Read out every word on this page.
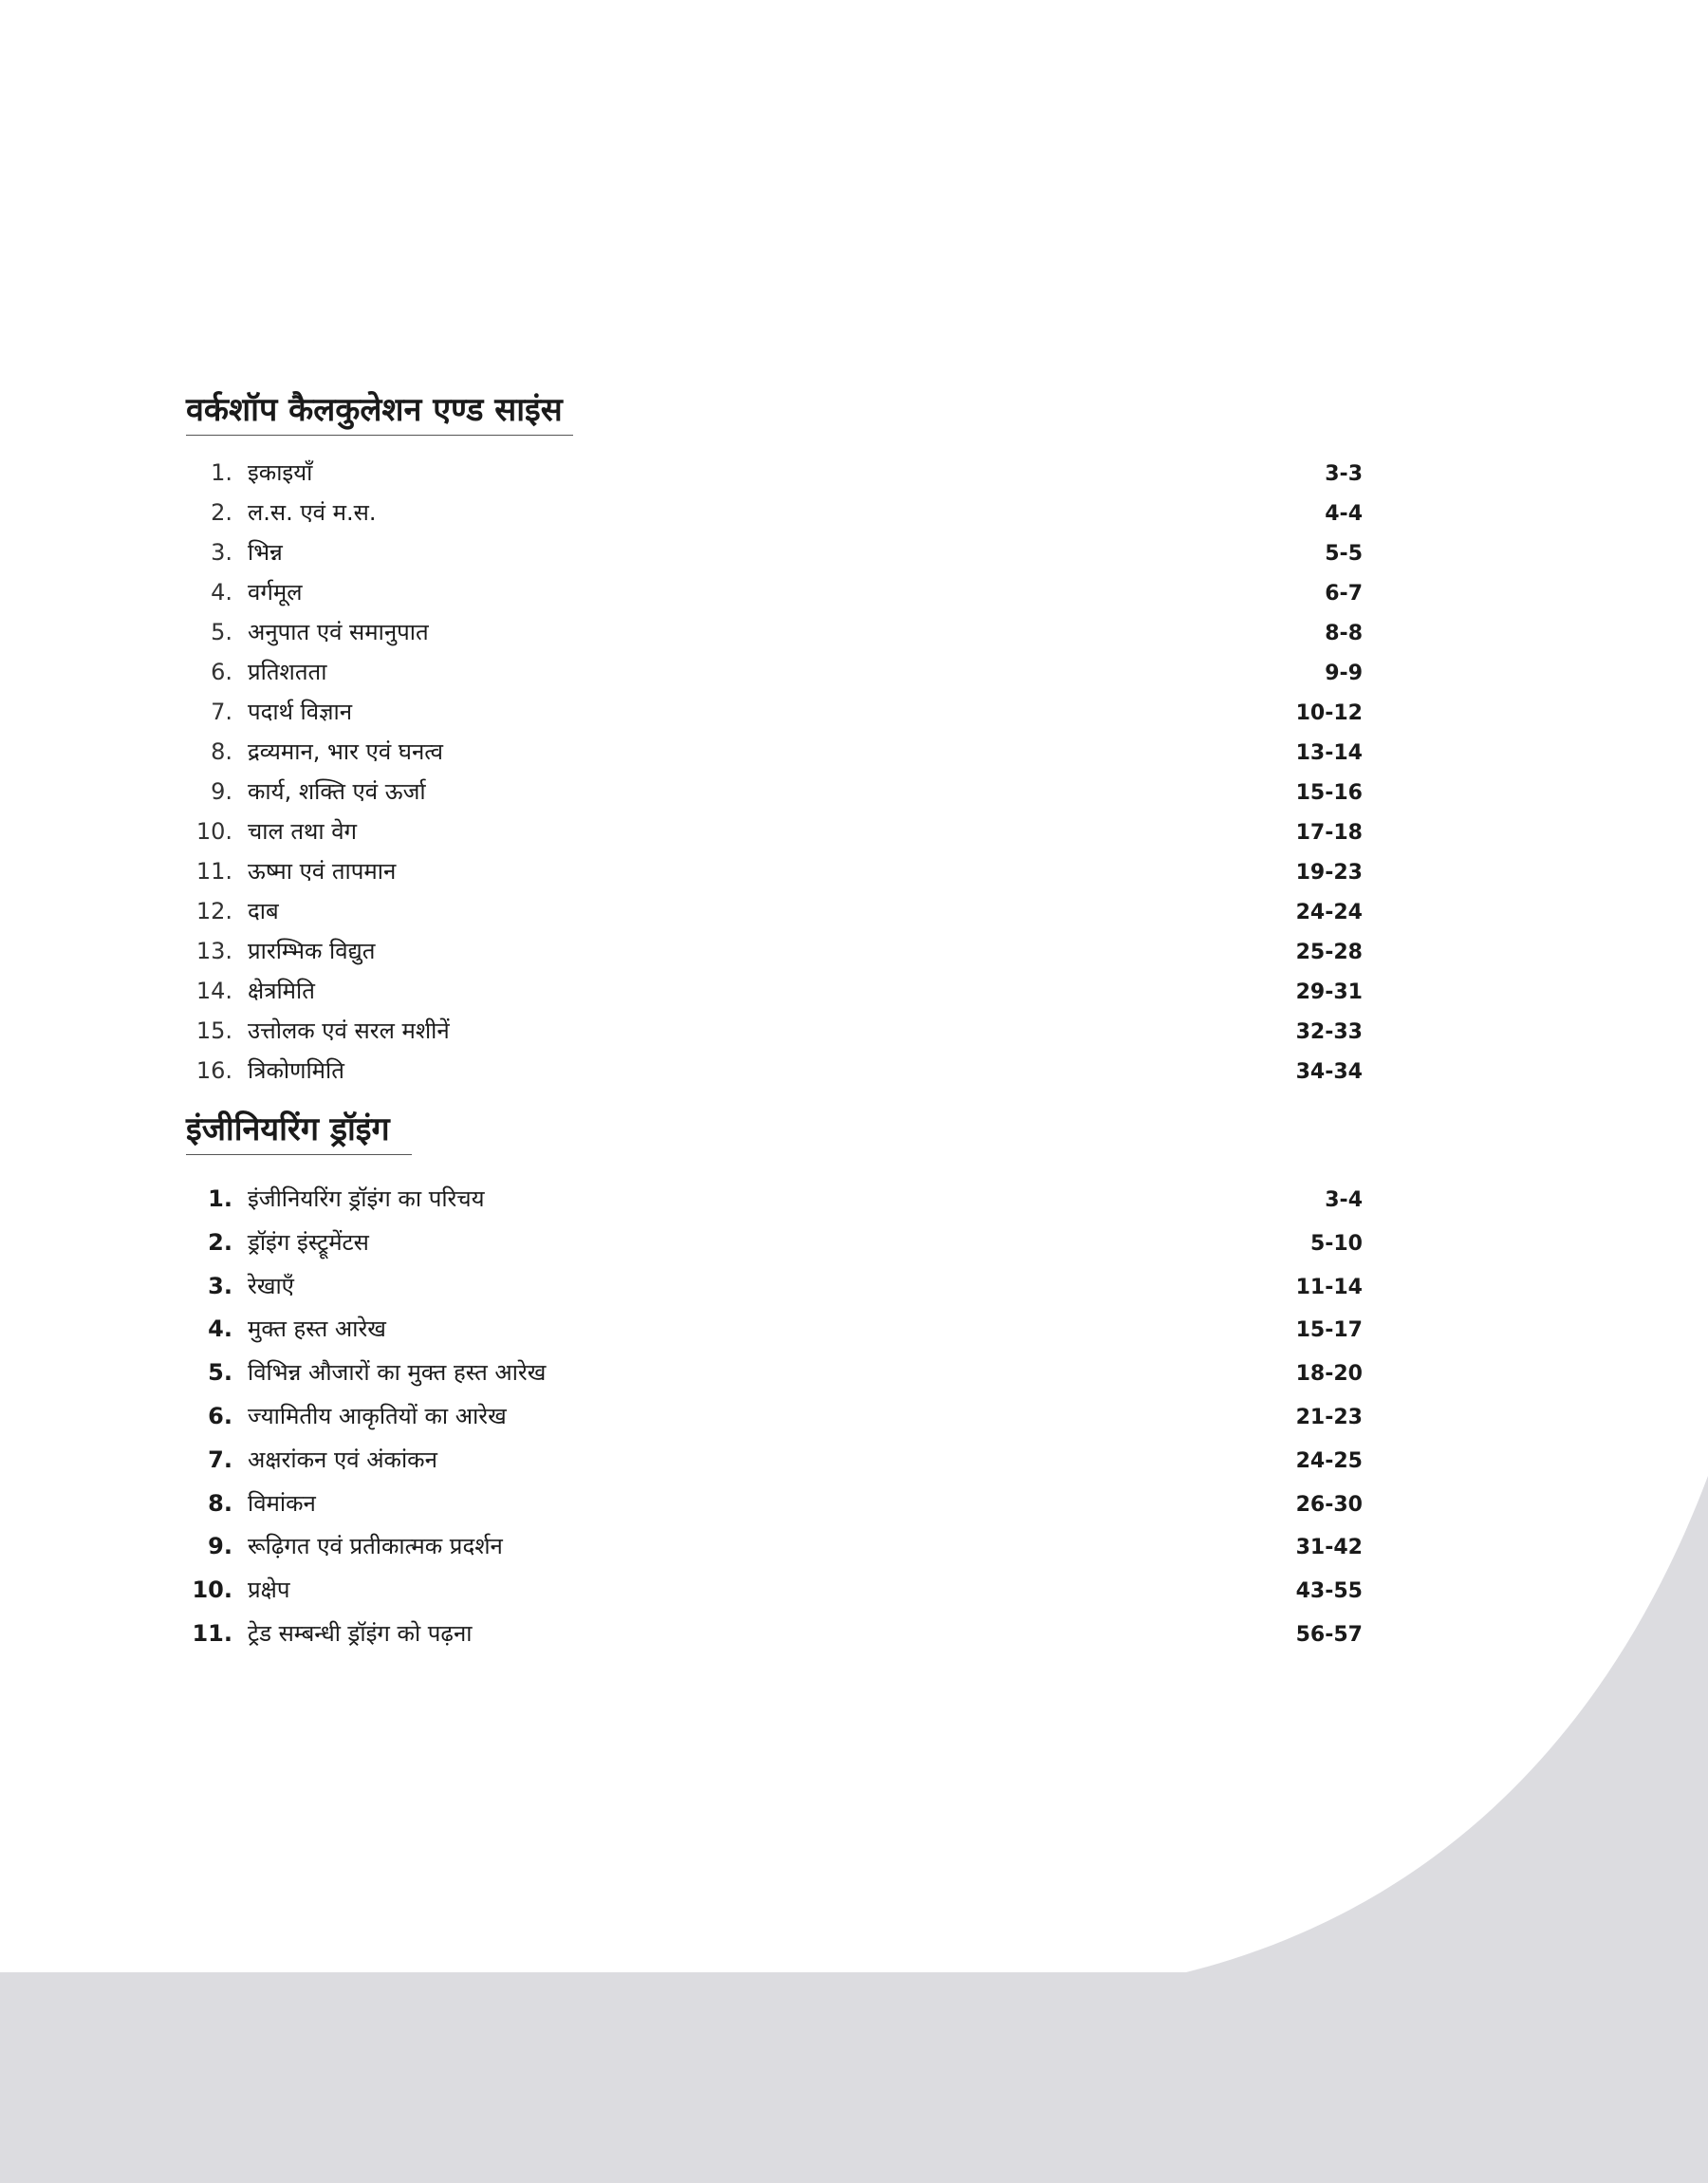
वर्कशॉप कैलकुलेशन एण्ड साइंस
1. इकाइयाँ	3-3
2. ल.स. एवं म.स.	4-4
3. भिन्न	5-5
4. वर्गमूल	6-7
5. अनुपात एवं समानुपात	8-8
6. प्रतिशतता	9-9
7. पदार्थ विज्ञान	10-12
8. द्रव्यमान, भार एवं घनत्व	13-14
9. कार्य, शक्ति एवं ऊर्जा	15-16
10. चाल तथा वेग	17-18
11. ऊष्मा एवं तापमान	19-23
12. दाब	24-24
13. प्रारम्भिक विद्युत	25-28
14. क्षेत्रमिति	29-31
15. उत्तोलक एवं सरल मशीनें	32-33
16. त्रिकोणमिति	34-34
इंजीनियरिंग ड्रॉइंग
1. इंजीनियरिंग ड्रॉइंग का परिचय	3-4
2. ड्रॉइंग इंस्ट्रूमेंटस	5-10
3. रेखाएँ	11-14
4. मुक्त हस्त आरेख	15-17
5. विभिन्न औजारों का मुक्त हस्त आरेख	18-20
6. ज्यामितीय आकृतियों का आरेख	21-23
7. अक्षरांकन एवं अंकांकन	24-25
8. विमांकन	26-30
9. रूढ़िगत एवं प्रतीकात्मक प्रदर्शन	31-42
10. प्रक्षेप	43-55
11. ट्रेड सम्बन्धी ड्रॉइंग को पढ़ना	56-57
